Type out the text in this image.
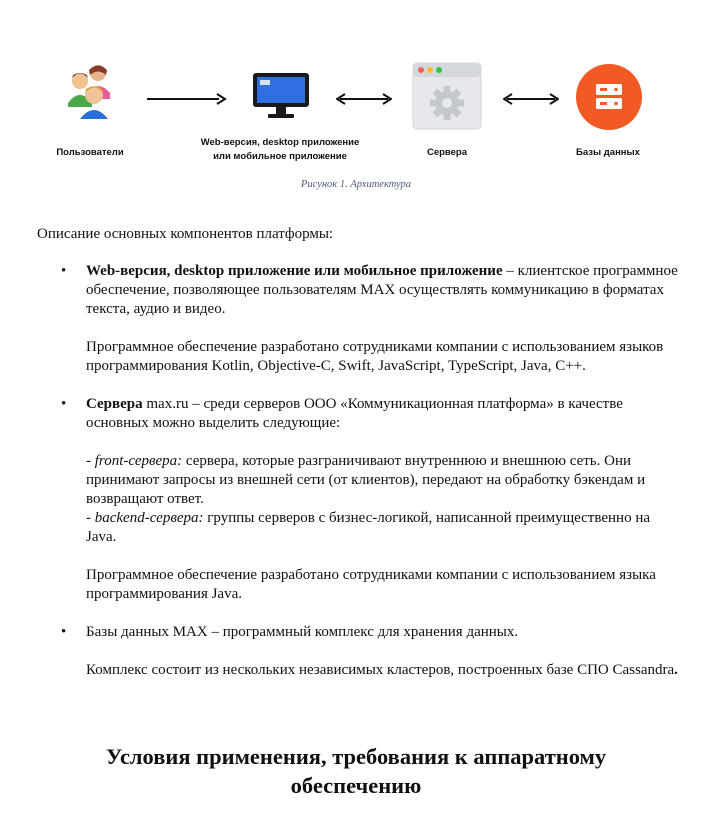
Пользователи
Web-версия, desktop приложение
или мобильное приложение	Сервера	Базы данных
Рисунок 1. Архитектура
Описание основных компонентов платформы:
• Web-версия, desktop приложение или мобильное приложение – клиентское программное обеспечение, позволяющее пользователям MAX осуществлять коммуникацию в форматах текста, аудио и видео.

Программное обеспечение разработано сотрудниками компании с использованием языков программирования Kotlin, Objective-C, Swift, JavaScript, TypeScript, Java, C++.

• Сервера max.ru – среди серверов ООО «Коммуникационная платформа» в качестве основных можно выделить следующие:

- front-сервера: сервера, которые разграничивают внутреннюю и внешнюю сеть. Они принимают запросы из внешней сети (от клиентов), передают на обработку бэкендам и возвращают ответ.

- backend-сервера: группы серверов с бизнес-логикой, написанной преимущественно на Java.

Программное обеспечение разработано сотрудниками компании с использованием языка программирования Java.

• Базы данных MAX – программный комплекс для хранения данных.

Комплекс состоит из нескольких независимых кластеров, построенных базе СПО Cassandra.

Условия применения, требования к аппаратному
обеспечению
